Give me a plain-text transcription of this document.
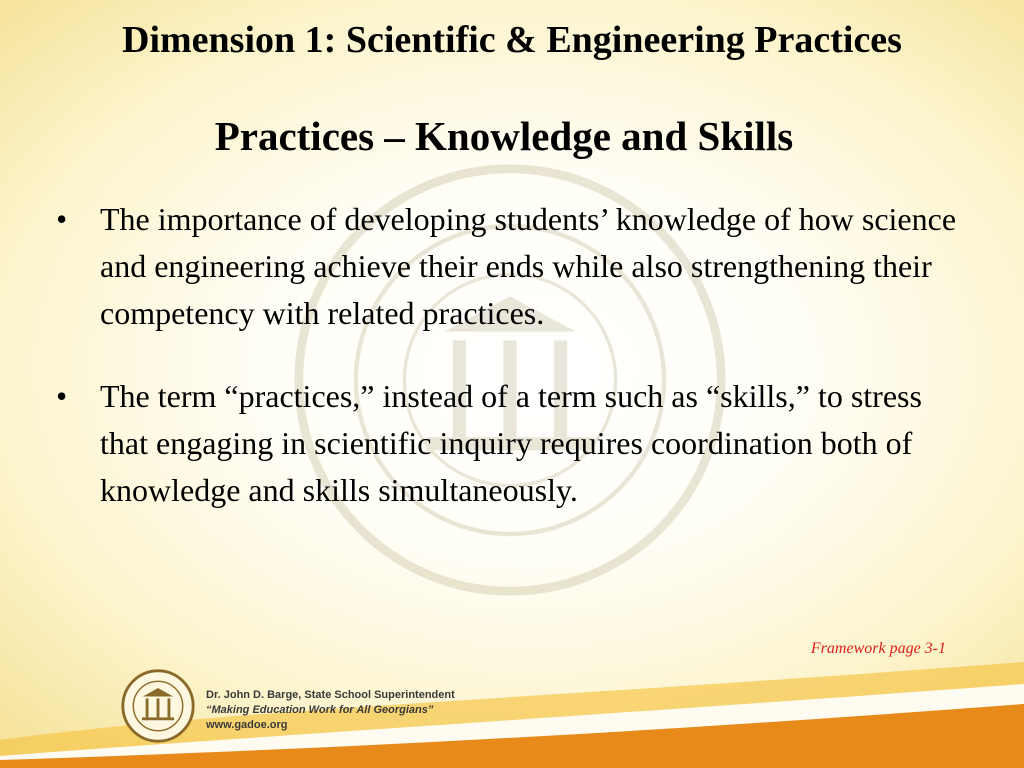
Dimension 1: Scientific & Engineering Practices
Practices – Knowledge and Skills
•	The importance of developing students’ knowledge of how science and engineering achieve their ends while also strengthening their competency with related practices.
•	The term “practices,” instead of a term such as “skills,” to stress that engaging in scientific inquiry requires coordination both of knowledge and skills simultaneously.
Framework page 3-1
Dr. John D. Barge, State School Superintendent
“Making Education Work for All Georgians”
www.gadoe.org
